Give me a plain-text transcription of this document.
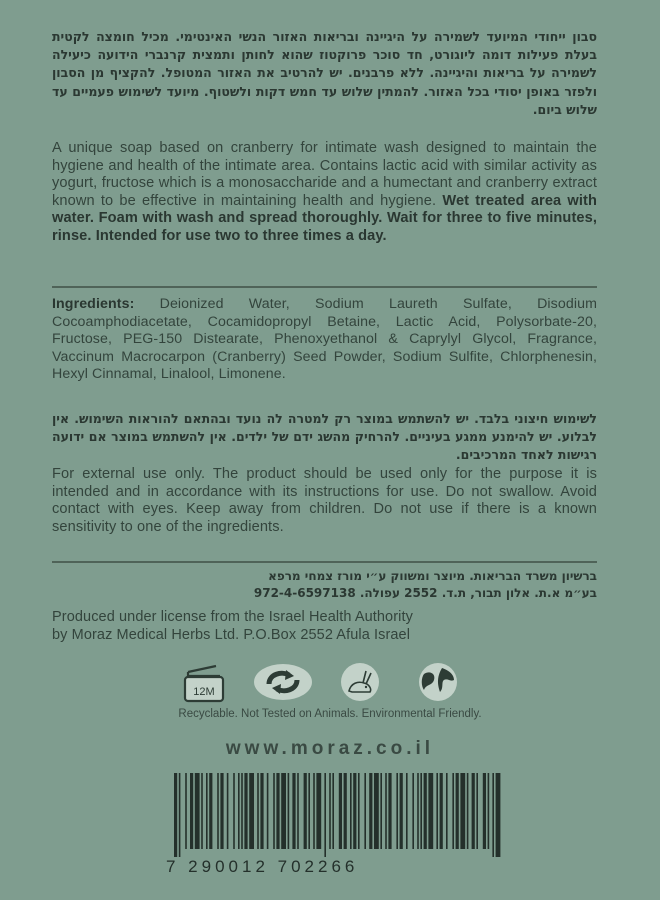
סבון ייחודי המיועד לשמירה על היגיינה ובריאות האזור הנשי האינטימי. מכיל חומצה לקטית בעלת פעילות דומה ליוגורט, חד סוכר פרוקטוז שהוא לחותן ותמצית קרנברי הידועה כיעילה לשמירה על בריאות והיגיינה. ללא פרבנים. יש להרטיב את האזור המטופל. להקציף מן הסבון ולפזר באופן יסודי בכל האזור. להמתין שלוש עד חמש דקות ולשטוף. מיועד לשימוש פעמיים עד שלוש ביום.
A unique soap based on cranberry for intimate wash designed to maintain the hygiene and health of the intimate area. Contains lactic acid with similar activity as yogurt, fructose which is a monosaccharide and a humectant and cranberry extract known to be effective in maintaining health and hygiene. Wet treated area with water. Foam with wash and spread thoroughly. Wait for three to five minutes, rinse. Intended for use two to three times a day.
Ingredients: Deionized Water, Sodium Laureth Sulfate, Disodium Cocoamphodiacetate, Cocamidopropyl Betaine, Lactic Acid, Polysorbate-20, Fructose, PEG-150 Distearate, Phenoxyethanol & Caprylyl Glycol, Fragrance, Vaccinum Macrocarpon (Cranberry) Seed Powder, Sodium Sulfite, Chlorphenesin, Hexyl Cinnamal, Linalool, Limonene.
לשימוש חיצוני בלבד. יש להשתמש במוצר רק למטרה לה נועד ובהתאם להוראות השימוש. אין לבלוע. יש להימנע ממגע בעיניים. להרחיק מהשג ידם של ילדים. אין להשתמש במוצר אם ידועה רגישות לאחד המרכיבים.
For external use only. The product should be used only for the purpose it is intended and in accordance with its instructions for use. Do not swallow. Avoid contact with eyes. Keep away from children. Do not use if there is a known sensitivity to one of the ingredients.
ברשיון משרד הבריאות. מיוצר ומשווק ע״י מורז צמחי מרפא
בע״מ א.ת. אלון תבור, ת.ד. 2552 עפולה. 972-4-6597138
Produced under license from the Israel Health Authority
by Moraz Medical Herbs Ltd. P.O.Box 2552 Afula Israel
12M
Recyclable. Not Tested on Animals. Environmental Friendly.
www.moraz.co.il
7 290012 702266
